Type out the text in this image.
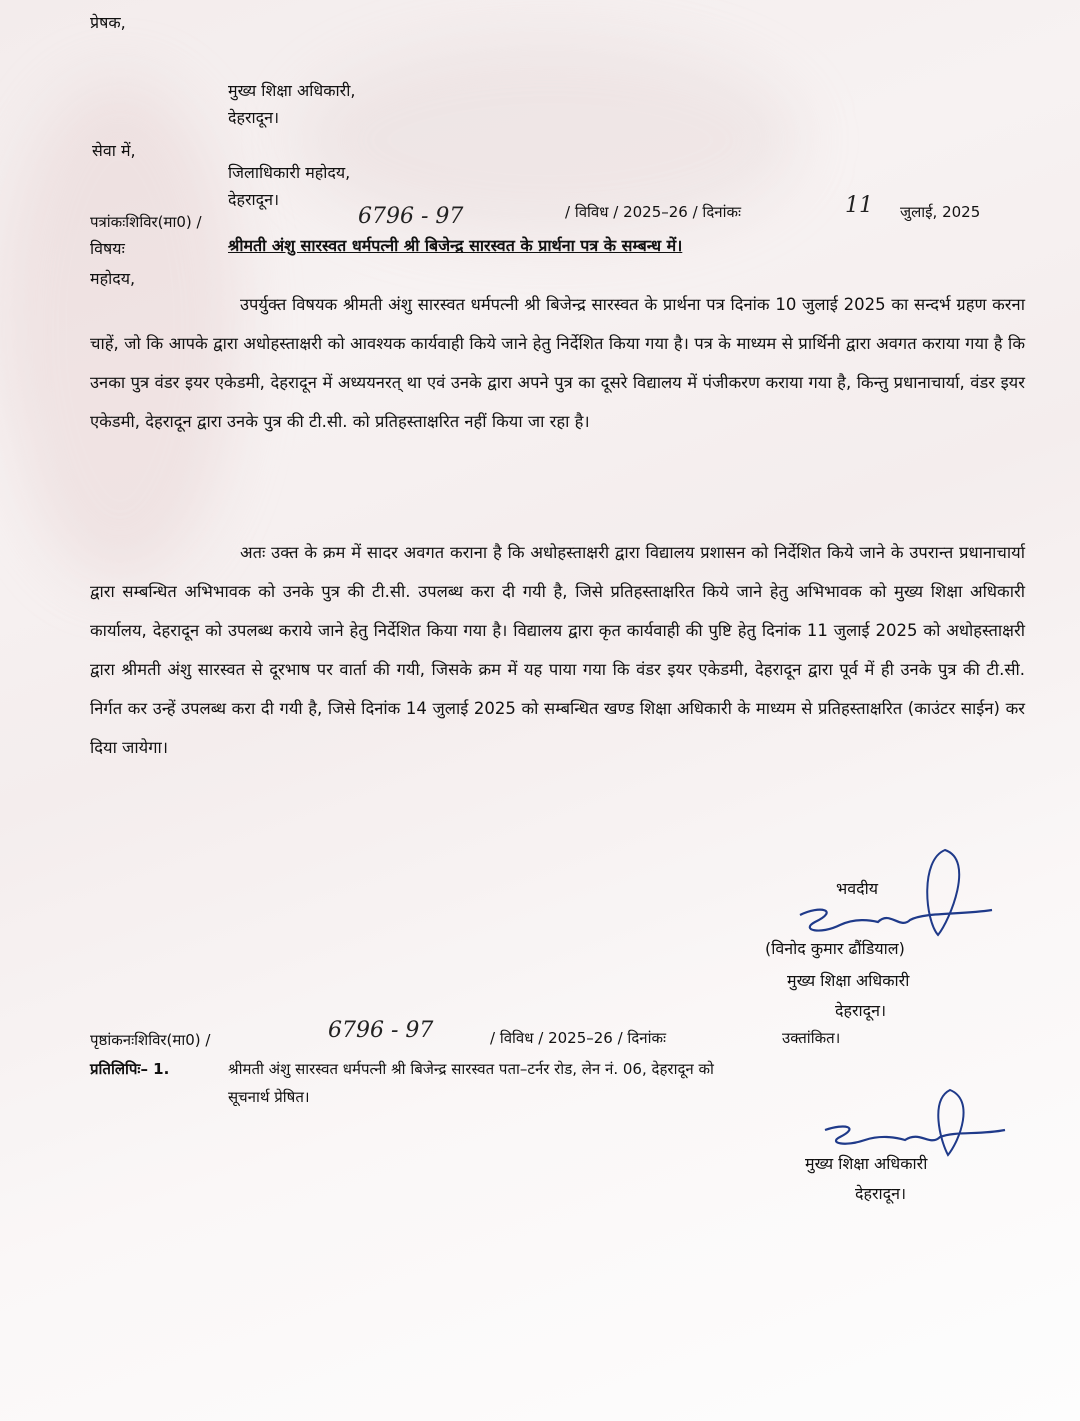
प्रेषक,
मुख्य शिक्षा अधिकारी,
देहरादून।
सेवा में,
जिलाधिकारी महोदय,
देहरादून।
पत्रांकःशिविर(मा0) /	6796 - 97	/ विविध / 2025–26 / दिनांकः	11 जुलाई, 2025
विषयः	श्रीमती अंशु सारस्वत धर्मपत्नी श्री बिजेन्द्र सारस्वत के प्रार्थना पत्र के सम्बन्ध में।
महोदय,
उपर्युक्त विषयक श्रीमती अंशु सारस्वत धर्मपत्नी श्री बिजेन्द्र सारस्वत के प्रार्थना पत्र दिनांक 10 जुलाई 2025 का सन्दर्भ ग्रहण करना चाहें, जो कि आपके द्वारा अधोहस्ताक्षरी को आवश्यक कार्यवाही किये जाने हेतु निर्देशित किया गया है। पत्र के माध्यम से प्रार्थिनी द्वारा अवगत कराया गया है कि उनका पुत्र वंडर इयर एकेडमी, देहरादून में अध्ययनरत् था एवं उनके द्वारा अपने पुत्र का दूसरे विद्यालय में पंजीकरण कराया गया है, किन्तु प्रधानाचार्या, वंडर इयर एकेडमी, देहरादून द्वारा उनके पुत्र की टी.सी. को प्रतिहस्ताक्षरित नहीं किया जा रहा है।
अतः उक्त के क्रम में सादर अवगत कराना है कि अधोहस्ताक्षरी द्वारा विद्यालय प्रशासन को निर्देशित किये जाने के उपरान्त प्रधानाचार्या द्वारा सम्बन्धित अभिभावक को उनके पुत्र की टी.सी. उपलब्ध करा दी गयी है, जिसे प्रतिहस्ताक्षरित किये जाने हेतु अभिभावक को मुख्य शिक्षा अधिकारी कार्यालय, देहरादून को उपलब्ध कराये जाने हेतु निर्देशित किया गया है। विद्यालय द्वारा कृत कार्यवाही की पुष्टि हेतु दिनांक 11 जुलाई 2025 को अधोहस्ताक्षरी द्वारा श्रीमती अंशु सारस्वत से दूरभाष पर वार्ता की गयी, जिसके क्रम में यह पाया गया कि वंडर इयर एकेडमी, देहरादून द्वारा पूर्व में ही उनके पुत्र की टी.सी. निर्गत कर उन्हें उपलब्ध करा दी गयी है, जिसे दिनांक 14 जुलाई 2025 को सम्बन्धित खण्ड शिक्षा अधिकारी के माध्यम से प्रतिहस्ताक्षरित (काउंटर साईन) कर दिया जायेगा।
भवदीय
(विनोद कुमार ढौंडियाल)
मुख्य शिक्षा अधिकारी
देहरादून।
पृष्ठांकनःशिविर(मा0) /	6796 - 97	/ विविध / 2025–26 / दिनांकः	उक्तांकित।
प्रतिलिपिः– 1.	श्रीमती अंशु सारस्वत धर्मपत्नी श्री बिजेन्द्र सारस्वत पता–टर्नर रोड, लेन नं. 06, देहरादून को
सूचनार्थ प्रेषित।
मुख्य शिक्षा अधिकारी
देहरादून।
